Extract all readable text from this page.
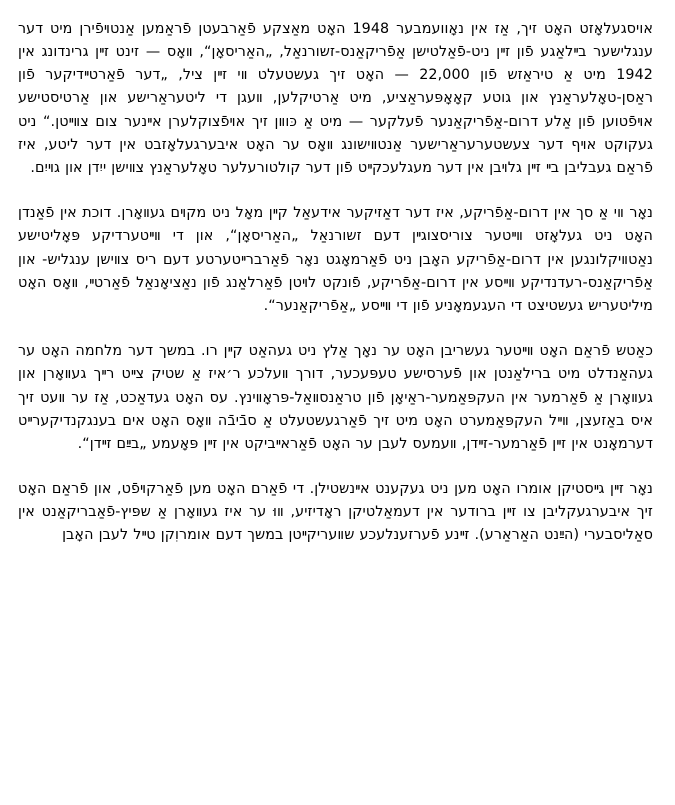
אויסגעלאָזט האָט זיך, אַז אין נאָוועמבער 1948 האָט מאַצקע פֿאַרבעטן פֿראַמען אַנטױפֿירן מיט דער ענגלישער בײלאַגע פֿון זײן ניט-פֿאַלטישן אַפֿריקאַנס-זשורנאַל, „האַריסאָן“, װאָס — זינט זײן גרינדונג אין 1942 מיט אַ טיראַזש פֿון 22,000 — האָט זיך געשטעלט װי זײן ציל, „דער פֿאַרטײדיקער פֿון ראַסן-טאָלעראַנץ און גוטע קאָאָפּעראַציע, מיט אַרטיקלען, װעגן די ליטעראַרישע און אַרטיסטישע אױפֿטוען פֿון אַלע דרום-אַפֿריקאַנער פֿעלקער — מיט אַ כּוװן זיך אױפֿצוקלערן אײנער צום צװײטן.“ ניט געקוקט אױף דער צעשטערעראַרישער אַנטװישונג װאָס ער האָט איבערגעלאָזבט אין דער ליטע, איז פֿראַם געבליבן בײ זײן גלױבן אין דער מעגלעכקײט פֿון דער קולטורעלער טאָלעראַנץ צװישן ייִדן און גױיִם.

נאָר װי אַ סך אין דרום-אַפֿריקע, איז דער דאַזיקער אידעאַל קײן מאָל ניט מקױם געװאָרן. דוכת אין פֿאַנדן האָט ניט געלאָזט װײטער צוריסצוגײן דעם זשורנאַל „האַריסאָן“, און די װײטערדיקע פּאָליטישע נאַטװיקלונגען אין דרום-אַפֿריקע האָבן ניט פֿאַרמאָגט נאָר פֿאַרברײטערטע דעם ריס צװישן ענגליש- און אַפֿריקאַנס-רעדנדיקע װײסע אין דרום-אַפֿריקע, פֿונקט לױטן פֿאַרלאַנג פֿון נאַציאָנאַל פֿאַרטײ, װאָס האָט מיליטעריש געשטיצט די העגעמאָניע פֿון די װײסע „אַפֿריקאַנער“.

כאַטש פֿראַם האָט װײטער געשריבן האָט ער נאָך אַלץ ניט געהאַט קײן רו. במשך דער מלחמה האָט ער געהאַנדלט מיט ברילאַנטן און פֿערסישע טעפּעכער, דורך װעלכע ר׳איז אַ שטיק צײט רײך געװאָרן און געװאָרן אַ פֿאַרמער אין העקפּאַמער-ראַיאָן פֿון טראַנסװאַל-פּראָװינץ. עס האָט געדאַכט, אַז ער װעט זיך איס באַזעצן, װײל העקפּאַמערט האָט מיט זיך פֿאַרגעשטעלט אַ סבֿיבֿה װאָס האָט אים בענגקנדיקערײט דערמאָנט אין זײן פֿאַרמער-זײדן, װעמעס לעבן ער האָט פֿאַראײביקט אין זײן פּאָעמע „בײַם זײדן“.

נאָר זײן גײסטיקן אומרו האָט מען ניט געקענט אײנשטילן. די פֿאַרם האָט מען פֿאַרקױפֿט, און פֿראַם האָט זיך איבערגעקליבן צו זײן ברודער אין דעמאַלטיקן ראָדיזיע, װוּ ער איז געװאָרן אַ שפּיץ-פֿאַבריקאַנט אין סאַליסבערי (הײַנט האַראַרע). זײנע פֿערזענלעכע שװעריקײטן במשך דעם אומרוִקן טײל לעבן האָבן
